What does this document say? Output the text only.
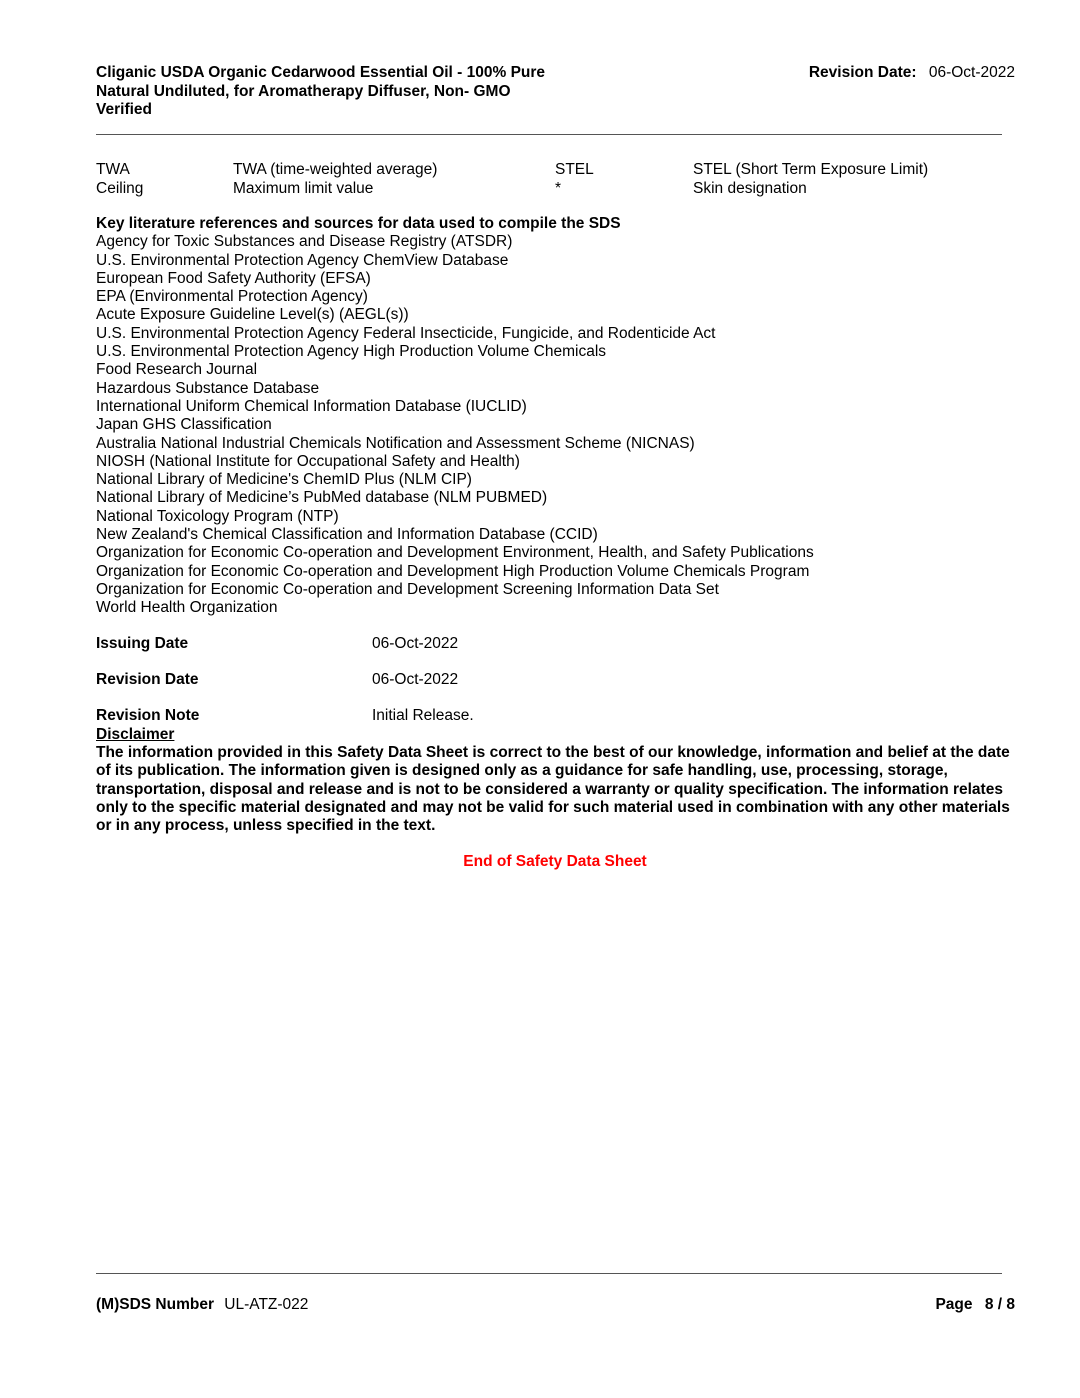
Cliganic USDA Organic Cedarwood Essential Oil - 100% Pure
Natural Undiluted, for Aromatherapy Diffuser, Non- GMO
Verified
Revision Date: 06-Oct-2022
TWA	TWA (time-weighted average)	STEL	STEL (Short Term Exposure Limit)
Ceiling	Maximum limit value	*	Skin designation
Key literature references and sources for data used to compile the SDS
Agency for Toxic Substances and Disease Registry (ATSDR)
U.S. Environmental Protection Agency ChemView Database
European Food Safety Authority (EFSA)
EPA (Environmental Protection Agency)
Acute Exposure Guideline Level(s) (AEGL(s))
U.S. Environmental Protection Agency Federal Insecticide, Fungicide, and Rodenticide Act
U.S. Environmental Protection Agency High Production Volume Chemicals
Food Research Journal
Hazardous Substance Database
International Uniform Chemical Information Database (IUCLID)
Japan GHS Classification
Australia National Industrial Chemicals Notification and Assessment Scheme (NICNAS)
NIOSH (National Institute for Occupational Safety and Health)
National Library of Medicine's ChemID Plus (NLM CIP)
National Library of Medicine’s PubMed database (NLM PUBMED)
National Toxicology Program (NTP)
New Zealand's Chemical Classification and Information Database (CCID)
Organization for Economic Co-operation and Development Environment, Health, and Safety Publications
Organization for Economic Co-operation and Development High Production Volume Chemicals Program
Organization for Economic Co-operation and Development Screening Information Data Set
World Health Organization
Issuing Date	06-Oct-2022
Revision Date	06-Oct-2022
Revision Note	Initial Release.
Disclaimer
The information provided in this Safety Data Sheet is correct to the best of our knowledge, information and belief at the date of its publication. The information given is designed only as a guidance for safe handling, use, processing, storage, transportation, disposal and release and is not to be considered a warranty or quality specification. The information relates only to the specific material designated and may not be valid for such material used in combination with any other materials or in any process, unless specified in the text.
End of Safety Data Sheet
(M)SDS Number UL-ATZ-022	Page 8 / 8
